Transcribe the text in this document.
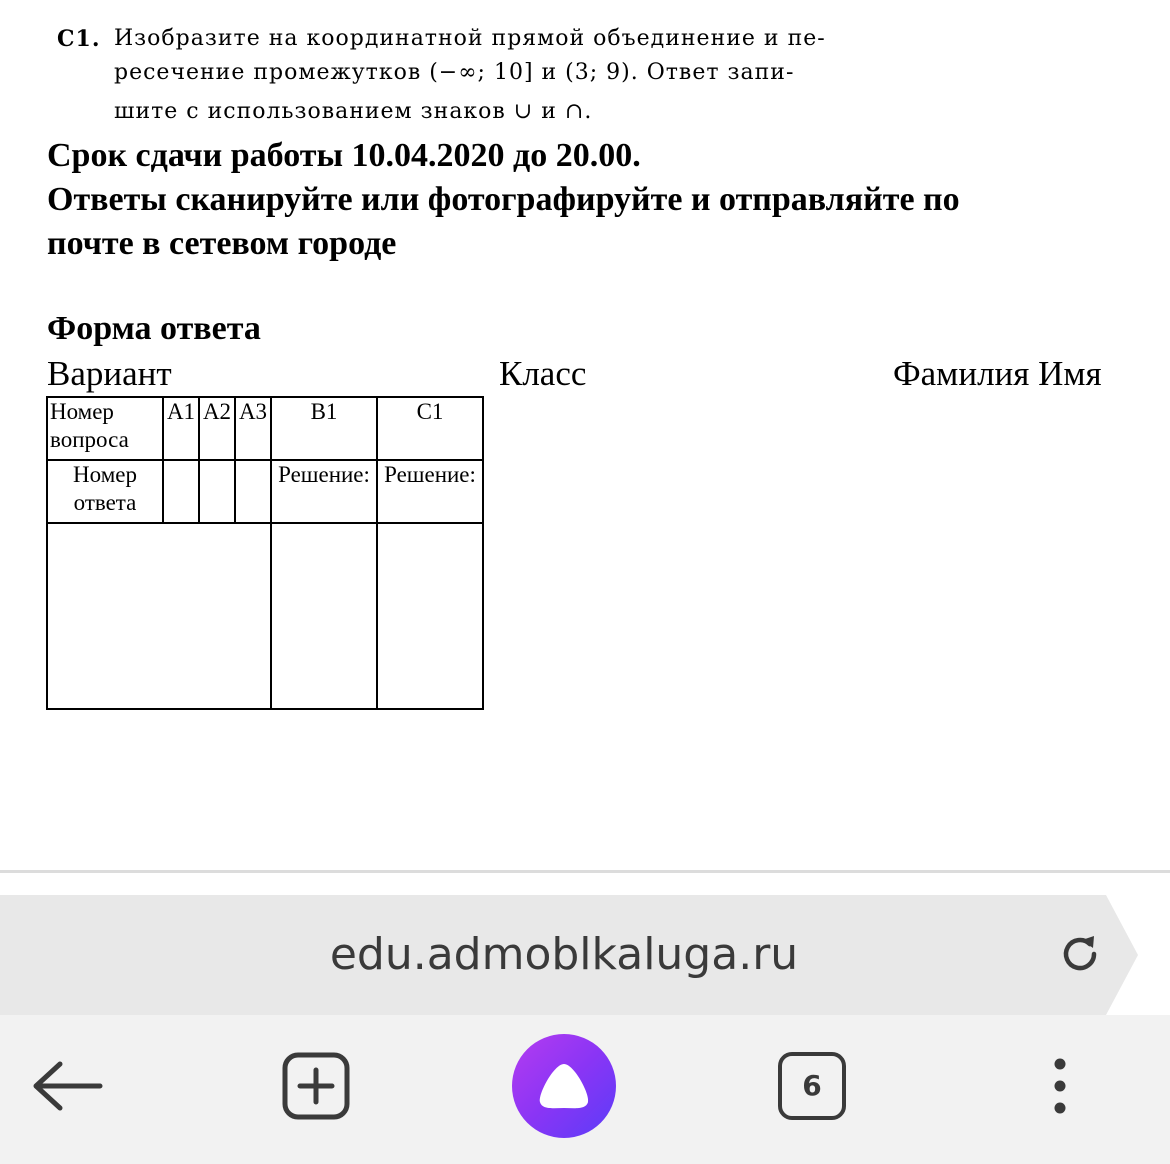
C1. Изобразите на координатной прямой объединение и пе-
ресечение промежутков (−∞; 10] и (3; 9). Ответ запи-
шите с использованием знаков ∪ и ∩.
Срок сдачи работы 10.04.2020 до 20.00.
Ответы сканируйте или фотографируйте и отправляйте по
почте в сетевом городе
Форма ответа
Вариант	Класс	Фамилия Имя
Номер вопроса	A1	A2	A3	B1	C1
Номер ответа				Решение:	Решение:

edu.admoblkaluga.ru
6
